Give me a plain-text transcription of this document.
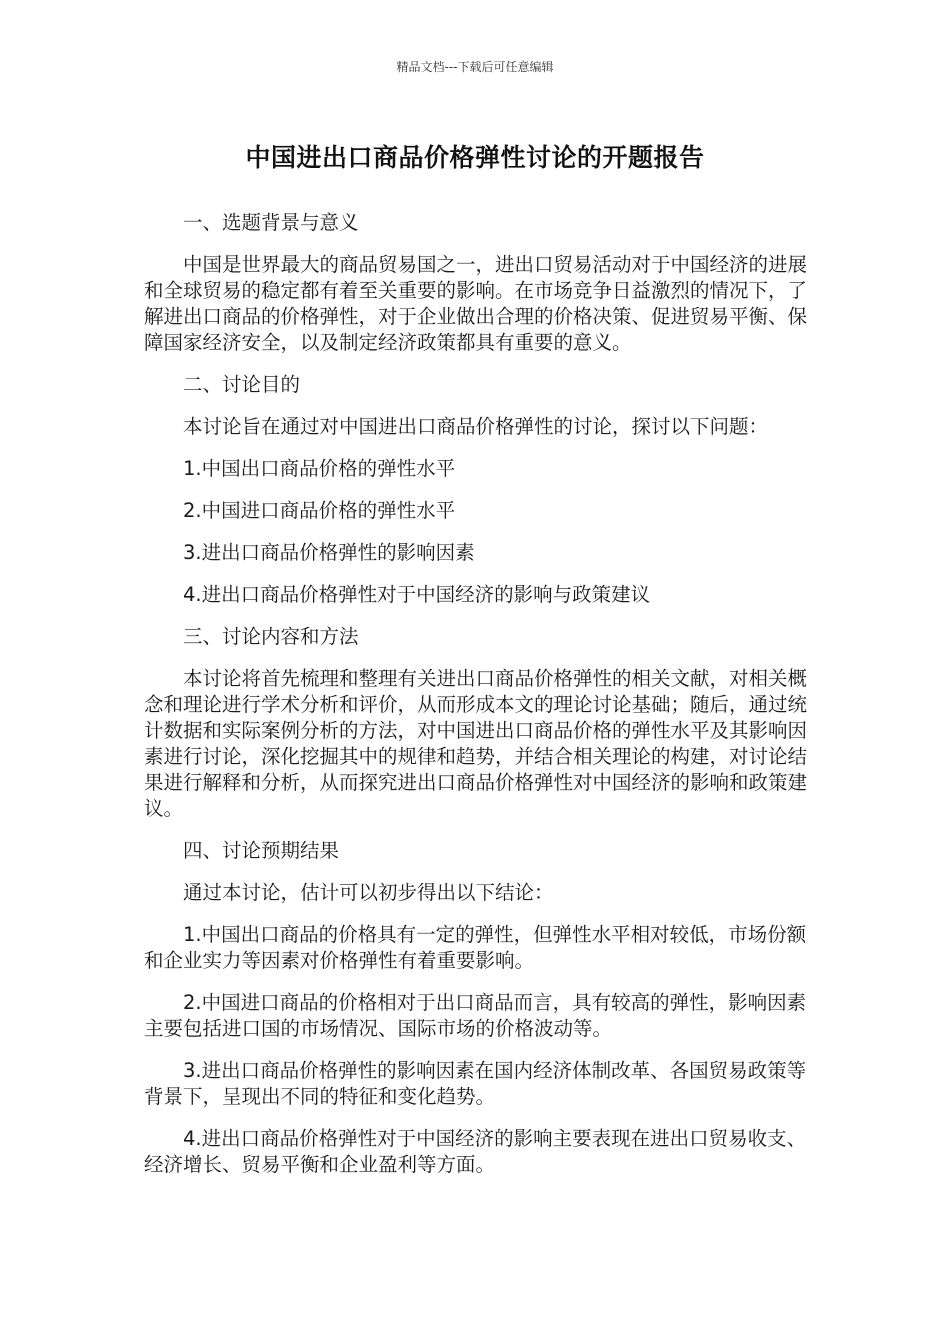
精品文档---下载后可任意编辑
中国进出口商品价格弹性讨论的开题报告

一、选题背景与意义

中国是世界最大的商品贸易国之一，进出口贸易活动对于中国经济的进展和全球贸易的稳定都有着至关重要的影响。在市场竞争日益激烈的情况下，了解进出口商品的价格弹性，对于企业做出合理的价格决策、促进贸易平衡、保障国家经济安全，以及制定经济政策都具有重要的意义。

二、讨论目的

本讨论旨在通过对中国进出口商品价格弹性的讨论，探讨以下问题：

1.中国出口商品价格的弹性水平

2.中国进口商品价格的弹性水平

3.进出口商品价格弹性的影响因素

4.进出口商品价格弹性对于中国经济的影响与政策建议

三、讨论内容和方法

本讨论将首先梳理和整理有关进出口商品价格弹性的相关文献，对相关概念和理论进行学术分析和评价，从而形成本文的理论讨论基础；随后，通过统计数据和实际案例分析的方法，对中国进出口商品价格的弹性水平及其影响因素进行讨论，深化挖掘其中的规律和趋势，并结合相关理论的构建，对讨论结果进行解释和分析，从而探究进出口商品价格弹性对中国经济的影响和政策建议。

四、讨论预期结果

通过本讨论，估计可以初步得出以下结论：

1.中国出口商品的价格具有一定的弹性，但弹性水平相对较低，市场份额和企业实力等因素对价格弹性有着重要影响。

2.中国进口商品的价格相对于出口商品而言，具有较高的弹性，影响因素主要包括进口国的市场情况、国际市场的价格波动等。

3.进出口商品价格弹性的影响因素在国内经济体制改革、各国贸易政策等背景下，呈现出不同的特征和变化趋势。

4.进出口商品价格弹性对于中国经济的影响主要表现在进出口贸易收支、经济增长、贸易平衡和企业盈利等方面。
